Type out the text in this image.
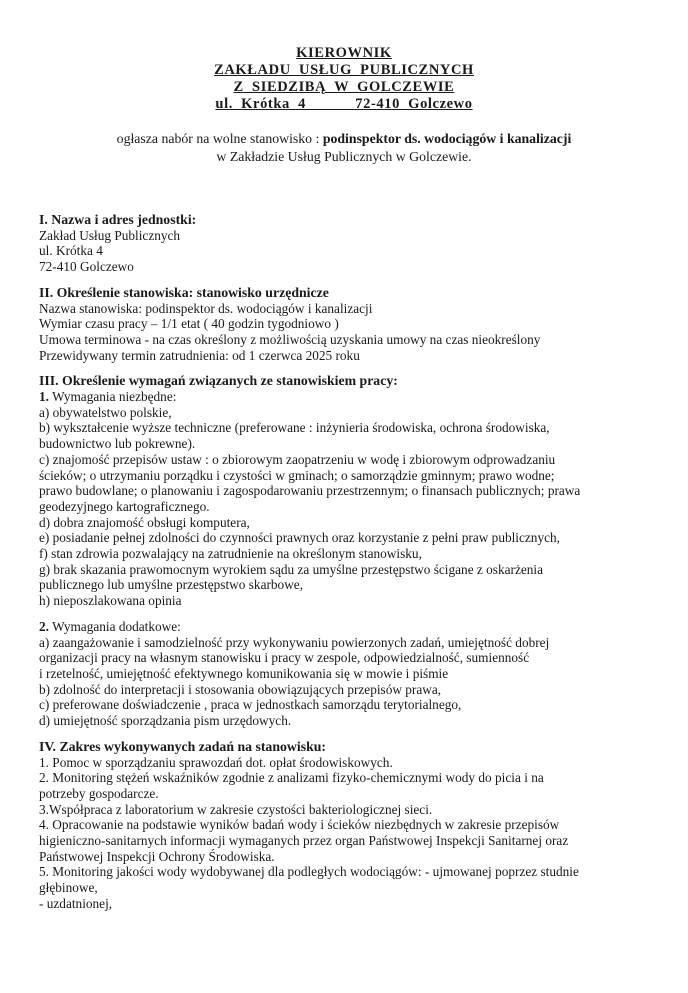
KIEROWNIK
ZAKŁADU USŁUG PUBLICZNYCH
Z SIEDZIBĄ W GOLCZEWIE
ul. Krótka 4      72-410 Golczewo
ogłasza nabór na wolne stanowisko : podinspektor ds. wodociągów i kanalizacji
w Zakładzie Usług Publicznych w Golczewie.

I. Nazwa i adres jednostki:

Zakład Usług Publicznych

ul. Krótka 4

72-410 Golczewo

II. Określenie stanowiska: stanowisko urzędnicze

Nazwa stanowiska: podinspektor ds. wodociągów i kanalizacji

Wymiar czasu pracy – 1/1 etat ( 40 godzin tygodniowo )

Umowa terminowa - na czas określony z możliwością uzyskania umowy na czas nieokreślony

Przewidywany termin zatrudnienia: od 1 czerwca 2025 roku

III. Określenie wymagań związanych ze stanowiskiem pracy:

1. Wymagania niezbędne:

a) obywatelstwo polskie,

b) wykształcenie wyższe techniczne (preferowane : inżynieria środowiska, ochrona środowiska,

budownictwo lub pokrewne).

c) znajomość przepisów ustaw : o zbiorowym zaopatrzeniu w wodę i zbiorowym odprowadzaniu

ścieków; o utrzymaniu porządku i czystości w gminach; o samorządzie gminnym; prawo wodne;

prawo budowlane; o planowaniu i zagospodarowaniu przestrzennym; o finansach publicznych; prawa

geodezyjnego kartograficznego.

d) dobra znajomość obsługi komputera,

e) posiadanie pełnej zdolności do czynności prawnych oraz korzystanie z pełni praw publicznych,

f) stan zdrowia pozwalający na zatrudnienie na określonym stanowisku,

g) brak skazania prawomocnym wyrokiem sądu za umyślne przestępstwo ścigane z oskarżenia

publicznego lub umyślne przestępstwo skarbowe,

h) nieposzlakowana opinia

2. Wymagania dodatkowe:

a) zaangażowanie i samodzielność przy wykonywaniu powierzonych zadań, umiejętność dobrej

organizacji pracy na własnym stanowisku i pracy w zespole, odpowiedzialność, sumienność

i rzetelność, umiejętność efektywnego komunikowania się w mowie i piśmie

b) zdolność do interpretacji i stosowania obowiązujących przepisów prawa,

c) preferowane doświadczenie , praca w jednostkach samorządu terytorialnego,

d) umiejętność sporządzania pism urzędowych.

IV. Zakres wykonywanych zadań na stanowisku:

1. Pomoc w sporządzaniu sprawozdań dot. opłat środowiskowych.

2. Monitoring stężeń wskaźników zgodnie z analizami fizyko-chemicznymi wody do picia i na

potrzeby gospodarcze.

3.Współpraca z laboratorium w zakresie czystości bakteriologicznej sieci.

4. Opracowanie na podstawie wyników badań wody i ścieków niezbędnych w zakresie przepisów

higieniczno-sanitarnych informacji wymaganych przez organ Państwowej Inspekcji Sanitarnej oraz

Państwowej Inspekcji Ochrony Środowiska.

5. Monitoring jakości wody wydobywanej dla podległych wodociągów: - ujmowanej poprzez studnie

głębinowe,

- uzdatnionej,
